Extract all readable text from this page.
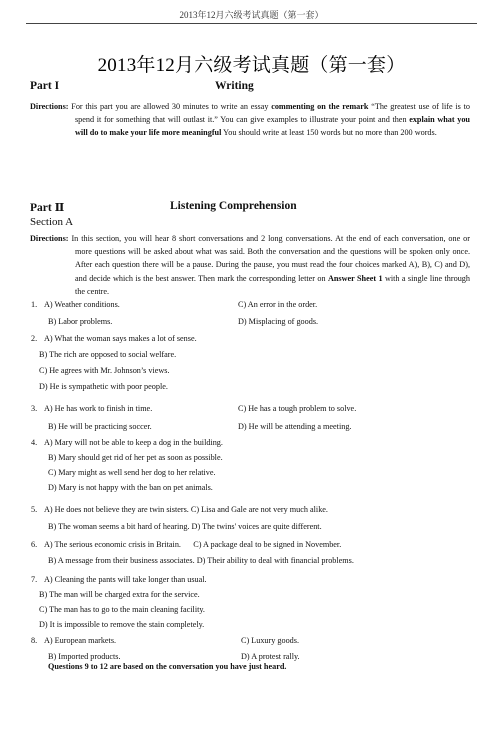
2013年12月六级考试真题（第一套）
2013年12月六级考试真题（第一套）
Part I	Writing
Directions: For this part you are allowed 30 minutes to write an essay commenting on the remark “The greatest use of life is to spend it for something that will outlast it.” You can give examples to illustrate your point and then explain what you will do to make your life more meaningful You should write at least 150 words but no more than 200 words.
Part Ⅱ	Listening Comprehension
Section A
Directions: In this section, you will hear 8 short conversations and 2 long conversations. At the end of each conversation, one or more questions will be asked about what was said. Both the conversation and the questions will be spoken only once. After each question there will be a pause. During the pause, you must read the four choices marked A), B), C) and D), and decide which is the best answer. Then mark the corresponding letter on Answer Sheet 1 with a single line through the centre.
1. A) Weather conditions.	C) An error in the order.
B) Labor problems.	D) Misplacing of goods.
2. A) What the woman says makes a lot of sense.
B) The rich are opposed to social welfare.
C) He agrees with Mr. Johnson’s views.
D) He is sympathetic with poor people.
3. A) He has work to finish in time.	C) He has a tough problem to solve.
B) He will be practicing soccer.	D) He will be attending a meeting.
4. A) Mary will not be able to keep a dog in the building.
B) Mary should get rid of her pet as soon as possible.
C) Mary might as well send her dog to her relative.
D) Mary is not happy with the ban on pet animals.
5. A) He does not believe they are twin sisters. C) Lisa and Gale are not very much alike.
B) The woman seems a bit hard of hearing. D) The twins' voices are quite different.
6. A) The serious economic crisis in Britain.      C) A package deal to be signed in November.
B) A message from their business associates. D) Their ability to deal with financial problems.
7. A) Cleaning the pants will take longer than usual.
B) The man will be charged extra for the service.
C) The man has to go to the main cleaning facility.
D) It is impossible to remove the stain completely.
8. A) European markets.	C) Luxury goods.
B) Imported products.	D) A protest rally.
Questions 9 to 12 are based on the conversation you have just heard.
